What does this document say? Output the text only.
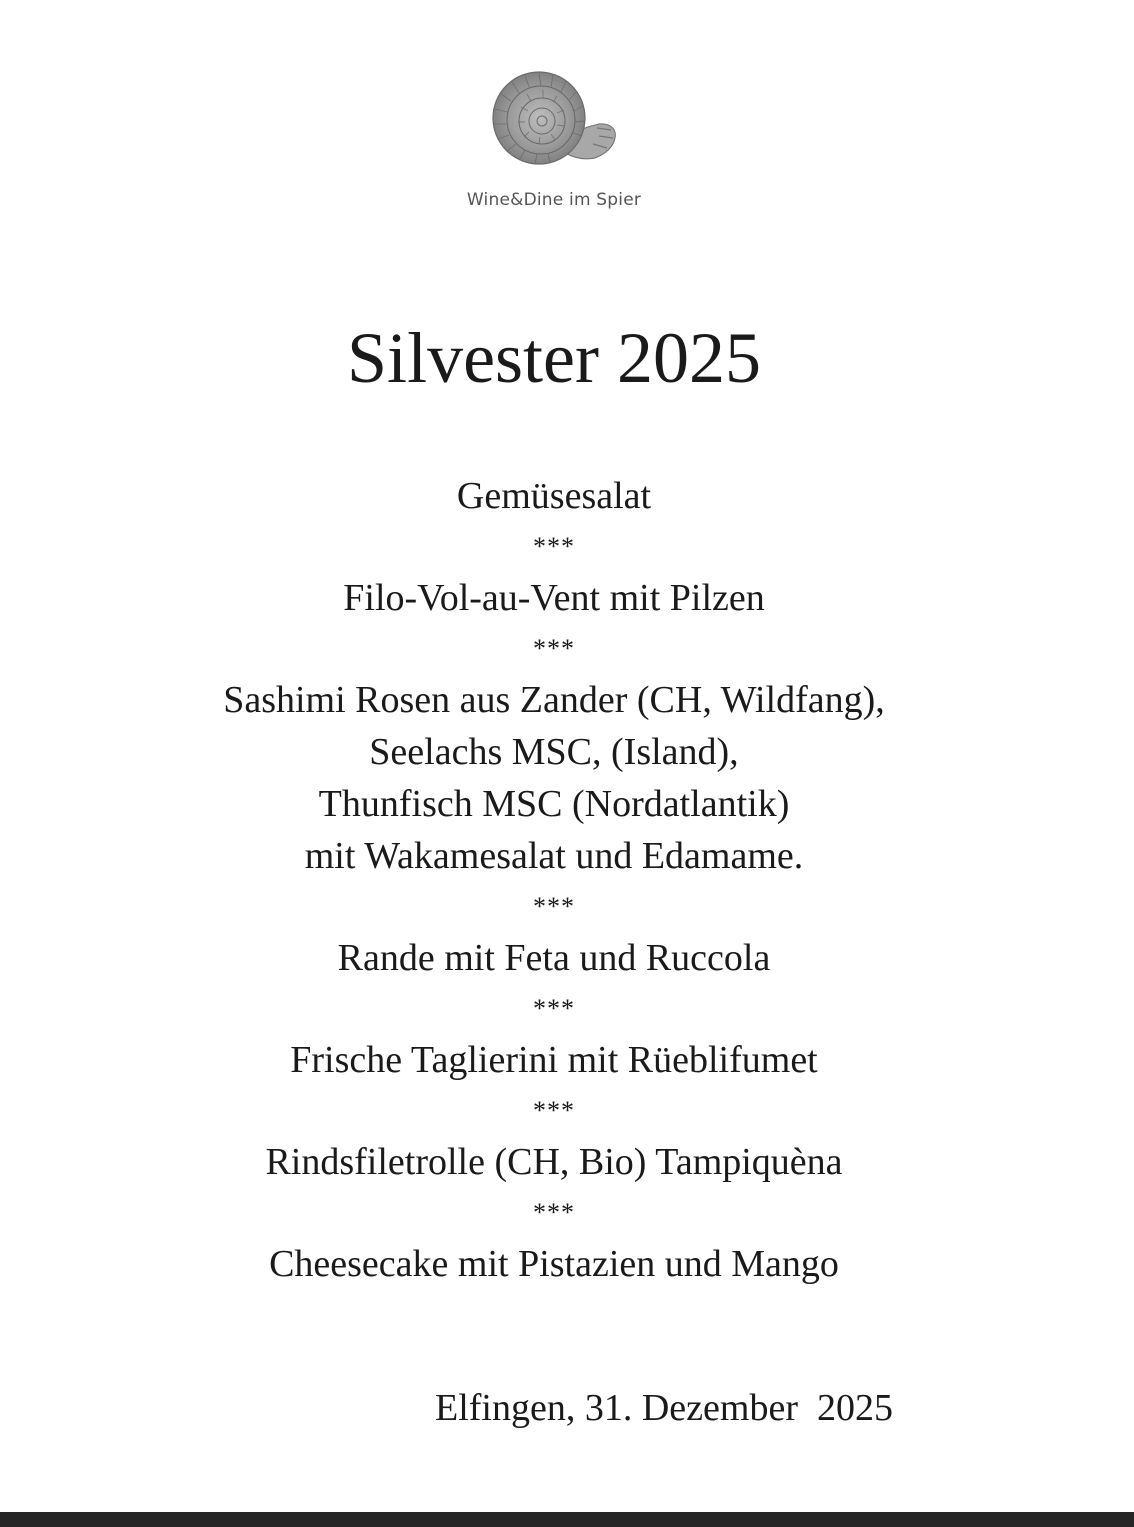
Wine&Dine im Spier
Silvester 2025
Gemüsesalat
***
Filo-Vol-au-Vent mit Pilzen
***
Sashimi Rosen aus Zander (CH, Wildfang),
Seelachs MSC, (Island),
Thunfisch MSC (Nordatlantik)
mit Wakamesalat und Edamame.
***
Rande mit Feta und Ruccola
***
Frische Taglierini mit Rüeblifumet
***
Rindsfiletrolle (CH, Bio) Tampiquèna
***
Cheesecake mit Pistazien und Mango
Elfingen, 31. Dezember  2025
